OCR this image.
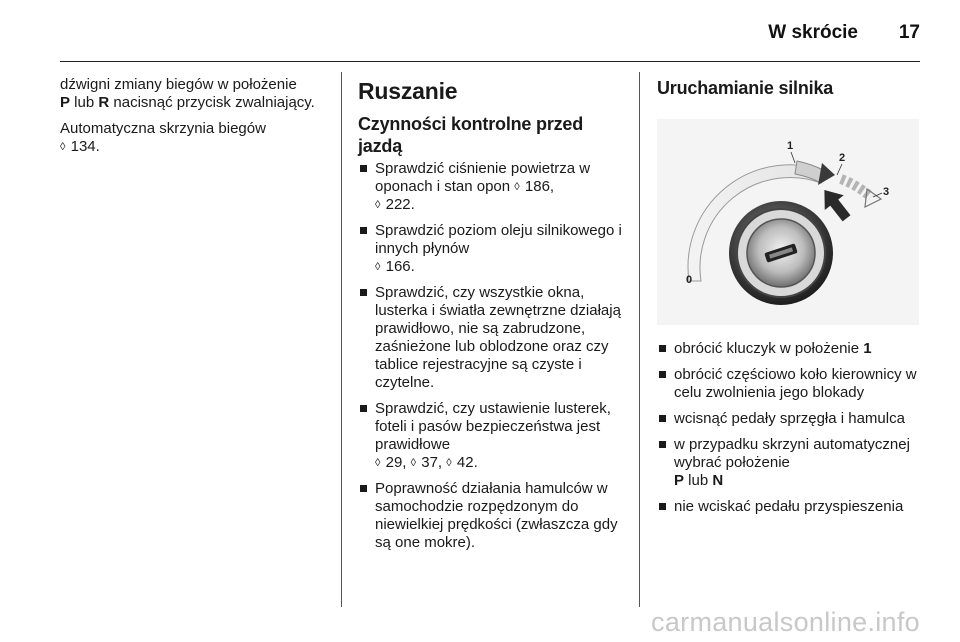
W skrócie 17

dźwigni zmiany biegów w położenie
P lub R nacisnąć przycisk zwalniający.

Automatyczna skrzynia biegów
◊ 134.

Ruszanie
Czynności kontrolne przed jazdą
Sprawdzić ciśnienie powietrza w oponach i stan opon ◊ 186,
◊ 222.
Sprawdzić poziom oleju silnikowego i innych płynów
◊ 166.
Sprawdzić, czy wszystkie okna, lusterka i światła zewnętrzne działają prawidłowo, nie są zabrudzone, zaśnieżone lub oblodzone oraz czy tablice rejestracyjne są czyste i czytelne.
Sprawdzić, czy ustawienie lusterek, foteli i pasów bezpieczeństwa jest prawidłowe
◊ 29, ◊ 37, ◊ 42.
Poprawność działania hamulców w samochodzie rozpędzonym do niewielkiej prędkości (zwłaszcza gdy są one mokre).
Uruchamianie silnika
0
1
2
3
obrócić kluczyk w położenie 1
obrócić częściowo koło kierownicy w celu zwolnienia jego blokady
wcisnąć pedały sprzęgła i hamulca
w przypadku skrzyni automatycznej wybrać położenie
P lub N
nie wciskać pedału przyspieszenia
carmanualsonline.info
